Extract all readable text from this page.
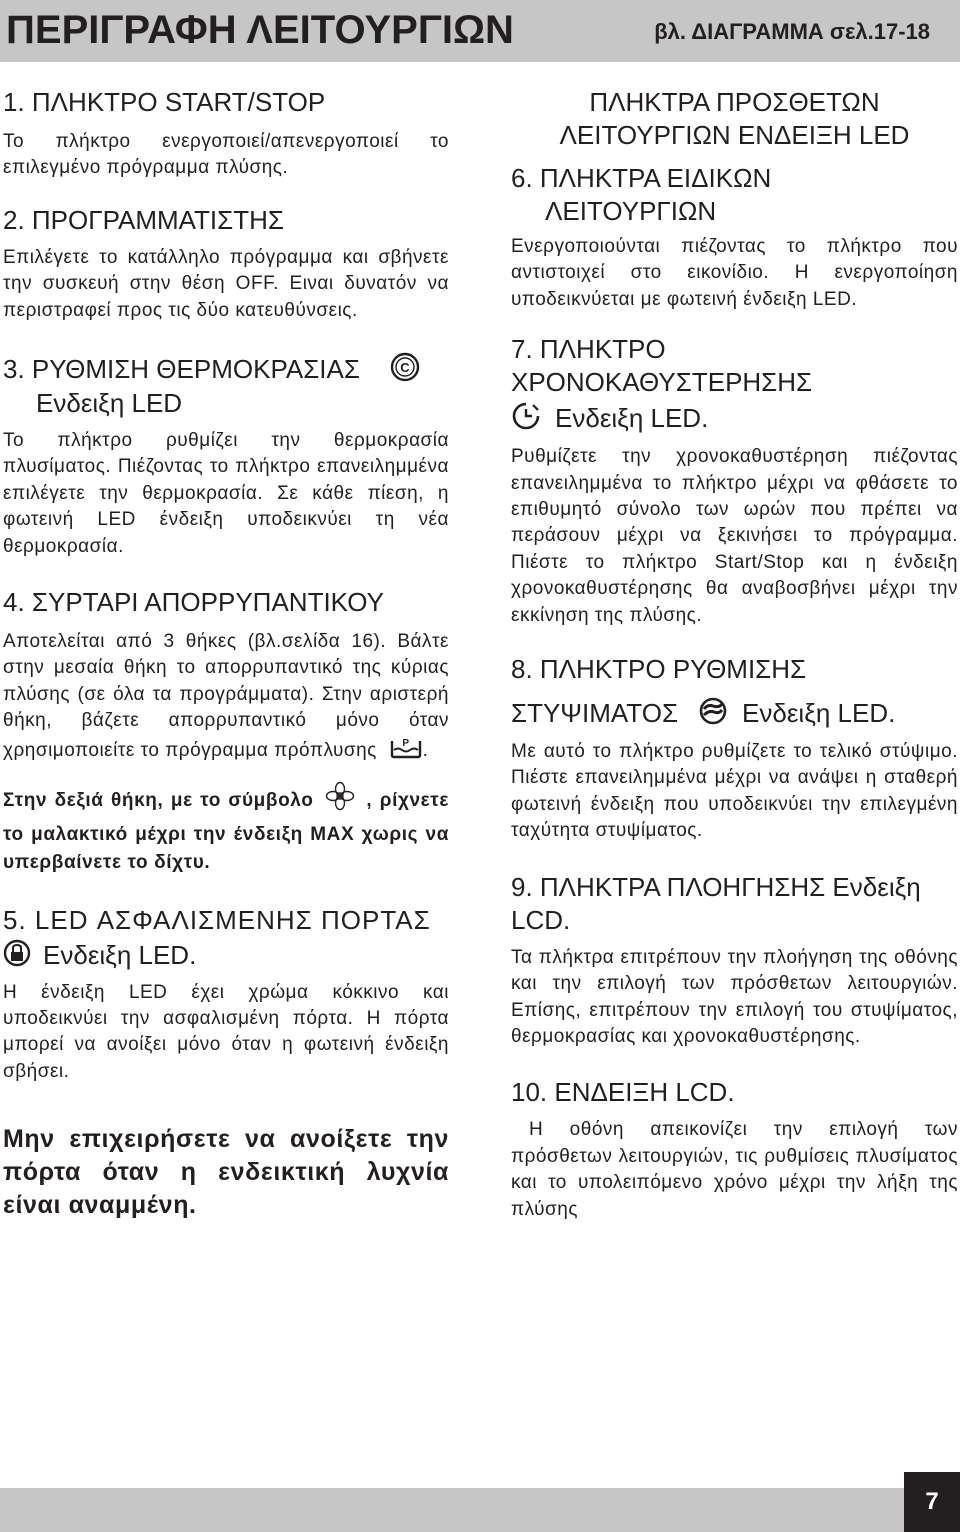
ΠΕΡΙΓΡΑΦΗ ΛΕΙΤΟΥΡΓΙΩΝ	βλ. ΔΙΑΓΡΑΜΜΑ σελ.17-18
1. ΠΛΗΚΤΡΟ START/STOP

Το πλήκτρο ενεργοποιεί/απενεργοποιεί το επιλεγμένο πρόγραμμα πλύσης.

2. ΠΡΟΓΡΑΜΜΑΤΙΣΤΗΣ

Επιλέγετε το κατάλληλο πρόγραμμα και σβήνετε την συσκευή στην θέση OFF. Ειναι δυνατόν να περιστραφεί προς τις δύο κατευθύνσεις.

3. ΡΥΘΜΙΣΗ ΘΕΡΜΟΚΡΑΣΙΑΣ	C
Ενδειξη LED

Το πλήκτρο ρυθμίζει την θερμοκρασία πλυσίματος. Πιέζοντας το πλήκτρο επανειλημμένα επιλέγετε την θερμοκρασία. Σε κάθε πίεση, η φωτεινή LED ένδειξη υποδεικνύει τη νέα θερμοκρασία.

4. ΣΥΡΤΑΡΙ ΑΠΟΡΡΥΠΑΝΤΙΚΟΥ

Αποτελείται από 3 θήκες (βλ.σελίδα 16). Βάλτε στην μεσαία θήκη το απορρυπαντικό της κύριας πλύσης (σε όλα τα προγράμματα). Στην αριστερή θήκη, βάζετε απορρυπαντικό μόνο όταν χρησιμοποιείτε το πρόγραμμα πρόπλυσης	P .

Στην δεξιά θήκη, με το σύμβολο	, ρίχνετε το μαλακτικό μέχρι την ένδειξη MAX χωρις να υπερβαίνετε το δίχτυ.

5. LED ΑΣΦΑΛΙΣΜΕΝΗΣ ΠΟΡΤΑΣ
Ενδειξη LED.

Η ένδειξη LED έχει χρώμα κόκκινο και υποδεικνύει την ασφαλισμένη πόρτα. Η πόρτα μπορεί να ανοίξει μόνο όταν η φωτεινή ένδειξη σβήσει.

Μην επιχειρήσετε να ανοίξετε την πόρτα όταν η ενδεικτική λυχνία είναι αναμμένη.

ΠΛΗΚΤΡΑ ΠΡΟΣΘΕΤΩΝ
ΛΕΙΤΟΥΡΓΙΩΝ ΕΝΔΕΙΞΗ LED
6. ΠΛΗΚΤΡΑ ΕΙΔΙΚΩΝ
ΛΕΙΤΟΥΡΓΙΩΝ

Ενεργοποιούνται πιέζοντας το πλήκτρο που αντιστοιχεί στο εικονίδιο. Η ενεργοποίηση υποδεικνύεται με φωτεινή ένδειξη LED.

7. ΠΛΗΚΤΡΟ
ΧΡΟΝΟΚΑΘΥΣΤΕΡΗΣΗΣ
Ενδειξη LED.

Ρυθμίζετε την χρονοκαθυστέρηση πιέζοντας επανειλημμένα το πλήκτρο μέχρι να φθάσετε το επιθυμητό σύνολο των ωρών που πρέπει να περάσουν μέχρι να ξεκινήσει το πρόγραμμα. Πιέστε το πλήκτρο Start/Stop και η ένδειξη χρονοκαθυστέρησης θα αναβοσβήνει μέχρι την εκκίνηση της πλύσης.

8. ΠΛΗΚΤΡΟ ΡΥΘΜΙΣΗΣ
ΣΤΥΨΙΜΑΤΟΣ Ενδειξη LED.

Με αυτό το πλήκτρο ρυθμίζετε το τελικό στύψιμο. Πιέστε επανειλημμένα μέχρι να ανάψει η σταθερή φωτεινή ένδειξη που υποδεικνύει την επιλεγμένη ταχύτητα στυψίματος.

9. ΠΛΗΚΤΡΑ ΠΛΟΗΓΗΣΗΣ Ενδειξη
LCD.

Τα πλήκτρα επιτρέπουν την πλοήγηση της οθόνης και την επιλογή των πρόσθετων λειτουργιών. Επίσης, επιτρέπουν την επιλογή του στυψίματος, θερμοκρασίας και χρονοκαθυστέρησης.

10. ΕΝΔΕΙΞΗ LCD.

Η οθόνη απεικονίζει την επιλογή των πρόσθετων λειτουργιών, τις ρυθμίσεις πλυσίματος και το υπολειπόμενο χρόνο μέχρι την λήξη της πλύσης

7
